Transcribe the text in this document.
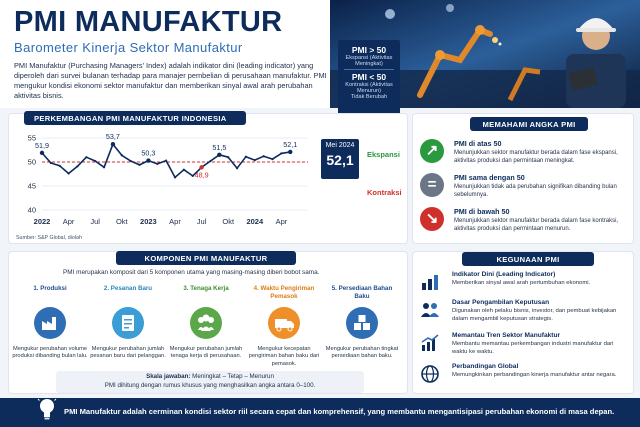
PMI MANUFAKTUR
Barometer Kinerja Sektor Manufaktur
PMI Manufaktur (Purchasing Managers' Index) adalah indikator dini (leading indicator) yang diperoleh dari survei bulanan terhadap para manajer pembelian di perusahaan manufaktur. PMI mengukur kondisi ekonomi sektor manufaktur dan memberikan sinyal awal arah perubahan aktivitas bisnis.
PMI > 50
Ekspansi (Aktivitas Meningkat)
PMI < 50
Kontraksi (Aktivitas Menurun)
Tidak Berubah
PERKEMBANGAN PMI MANUFAKTUR INDONESIA
40
45
50
55
2022 Apr Jul Okt 2023 Apr Jul Okt 2024 Apr
51,9
53,7
50,3
48,9
51,5	52,1	Mei 2024
52,1	Ekspansi
Kontraksi
Sumber: S&P Global, diolah
MEMAHAMI ANGKA PMI
↗	PMI di atas 50
Menunjukkan sektor manufaktur berada dalam fase ekspansi, aktivitas produksi dan permintaan meningkat.
=	PMI sama dengan 50
Menunjukkan tidak ada perubahan signifikan dibanding bulan sebelumnya.
↘	PMI di bawah 50
Menunjukkan sektor manufaktur berada dalam fase kontraksi, aktivitas produksi dan permintaan menurun.
KOMPONEN PMI MANUFAKTUR
PMI merupakan komposit dari 5 komponen utama yang masing-masing diberi bobot sama.
1. Produksi
Mengukur perubahan volume produksi dibanding bulan lalu.
2. Pesanan Baru
Mengukur perubahan jumlah pesanan baru dari pelanggan.
3. Tenaga Kerja
Mengukur perubahan jumlah tenaga kerja di perusahaan.
4. Waktu Pengiriman Pemasok
Mengukur kecepatan pengiriman bahan baku dari pemasok.
5. Persediaan Bahan Baku
Mengukur perubahan tingkat persediaan bahan baku.
Skala jawaban: Meningkat – Tetap – Menurun
PMI dihitung dengan rumus khusus yang menghasilkan angka antara 0–100.
KEGUNAAN PMI MANUFAKTUR
Indikator Dini (Leading Indicator)
Memberikan sinyal awal arah pertumbuhan ekonomi.
Dasar Pengambilan Keputusan
Digunakan oleh pelaku bisnis, investor, dan pembuat kebijakan dalam mengambil keputusan strategis.
Memantau Tren Sektor Manufaktur
Membantu memantau perkembangan industri manufaktur dari waktu ke waktu.
Perbandingan Global
Memungkinkan perbandingan kinerja manufaktur antar negara.
PMI Manufaktur adalah cerminan kondisi sektor riil secara cepat dan komprehensif, yang membantu mengantisipasi perubahan ekonomi di masa depan.
